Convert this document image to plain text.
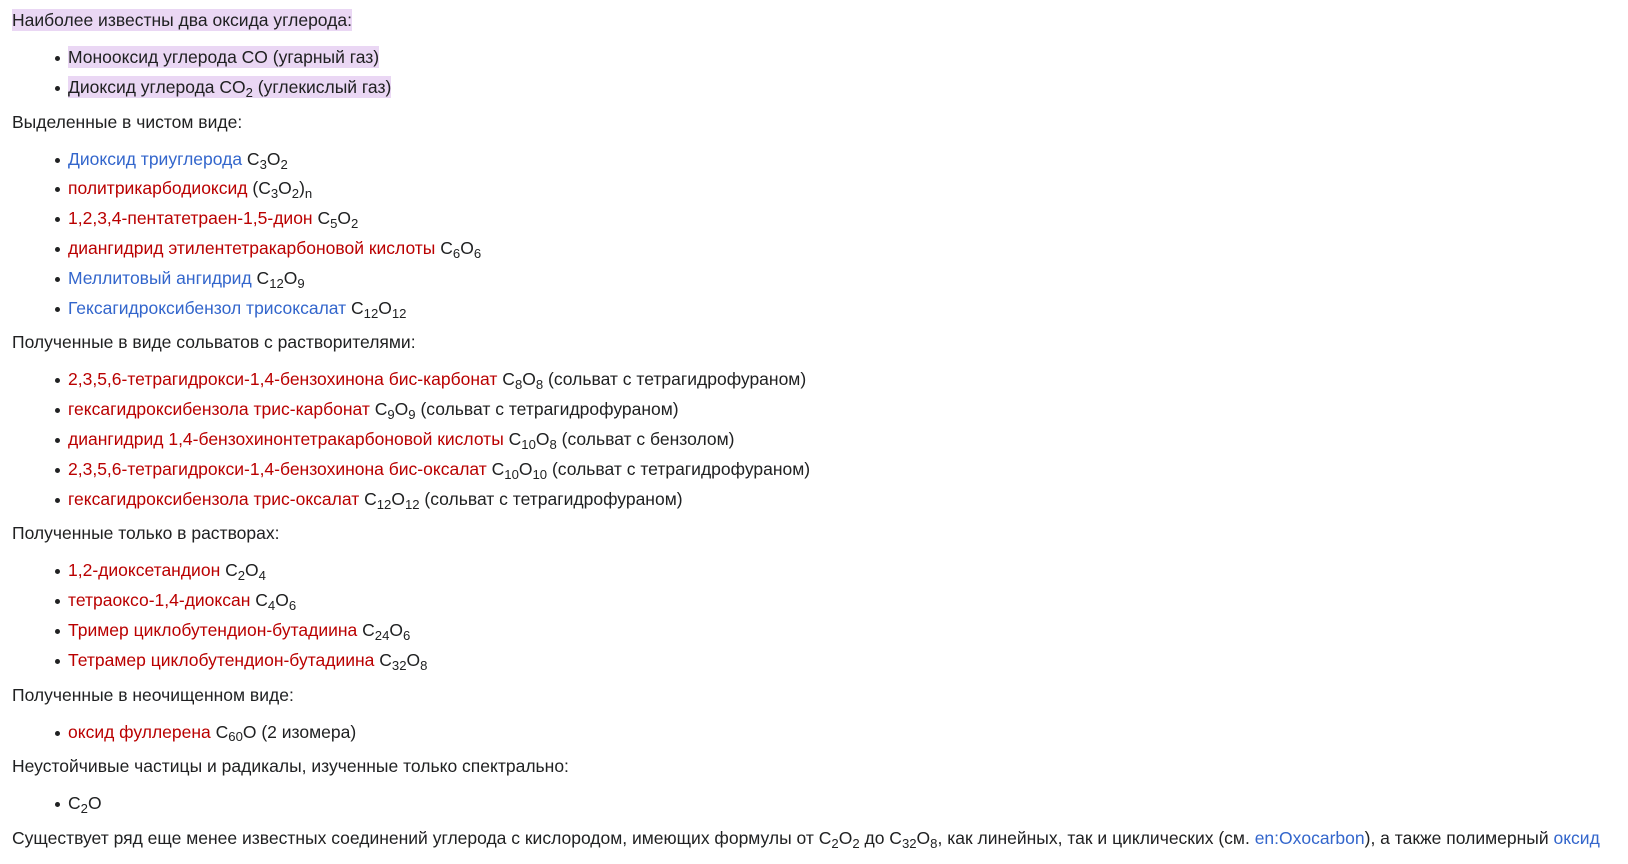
Наиболее известны два оксида углерода:

Монооксид углерода CO (угарный газ)
Диоксид углерода $CO_2$ (углекислый газ)

Выделенные в чистом виде:

Диоксид триуглерода $C_3O_2$
политрикарбодиоксид $(C_3O_2)_n$
1,2,3,4-пентатетраен-1,5-дион $C_5O_2$
диангидрид этилентетракарбоновой кислоты $C_6O_6$
Меллитовый ангидрид $C_{12}O_9$
Гексагидроксибензол трисоксалат $C_{12}O_{12}$

Полученные в виде сольватов с растворителями:

2,3,5,6-тетрагидрокси-1,4-бензохинона бис-карбонат $C_8O_8$ (сольват с тетрагидрофураном)
гексагидроксибензола трис-карбонат $C_9O_9$ (сольват с тетрагидрофураном)
диангидрид 1,4-бензохинонтетракарбоновой кислоты $C_{10}O_8$ (сольват с бензолом)
2,3,5,6-тетрагидрокси-1,4-бензохинона бис-оксалат $C_{10}O_{10}$ (сольват с тетрагидрофураном)
гексагидроксибензола трис-оксалат $C_{12}O_{12}$ (сольват с тетрагидрофураном)

Полученные только в растворах:

1,2-диоксетандион $C_2O_4$
тетраоксо-1,4-диоксан $C_4O_6$
Тример циклобутендион-бутадиина $C_{24}O_6$
Тетрамер циклобутендион-бутадиина $C_{32}O_8$

Полученные в неочищенном виде:

оксид фуллерена $C_{60}O$ (2 изомера)

Неустойчивые частицы и радикалы, изученные только спектрально:

$C_2O$

Существует ряд еще менее известных соединений углерода с кислородом, имеющих формулы от $C_2O_2$ до $C_{32}O_8$, как линейных, так и циклических (см. en:Oxocarbon), а также полимерный оксид
